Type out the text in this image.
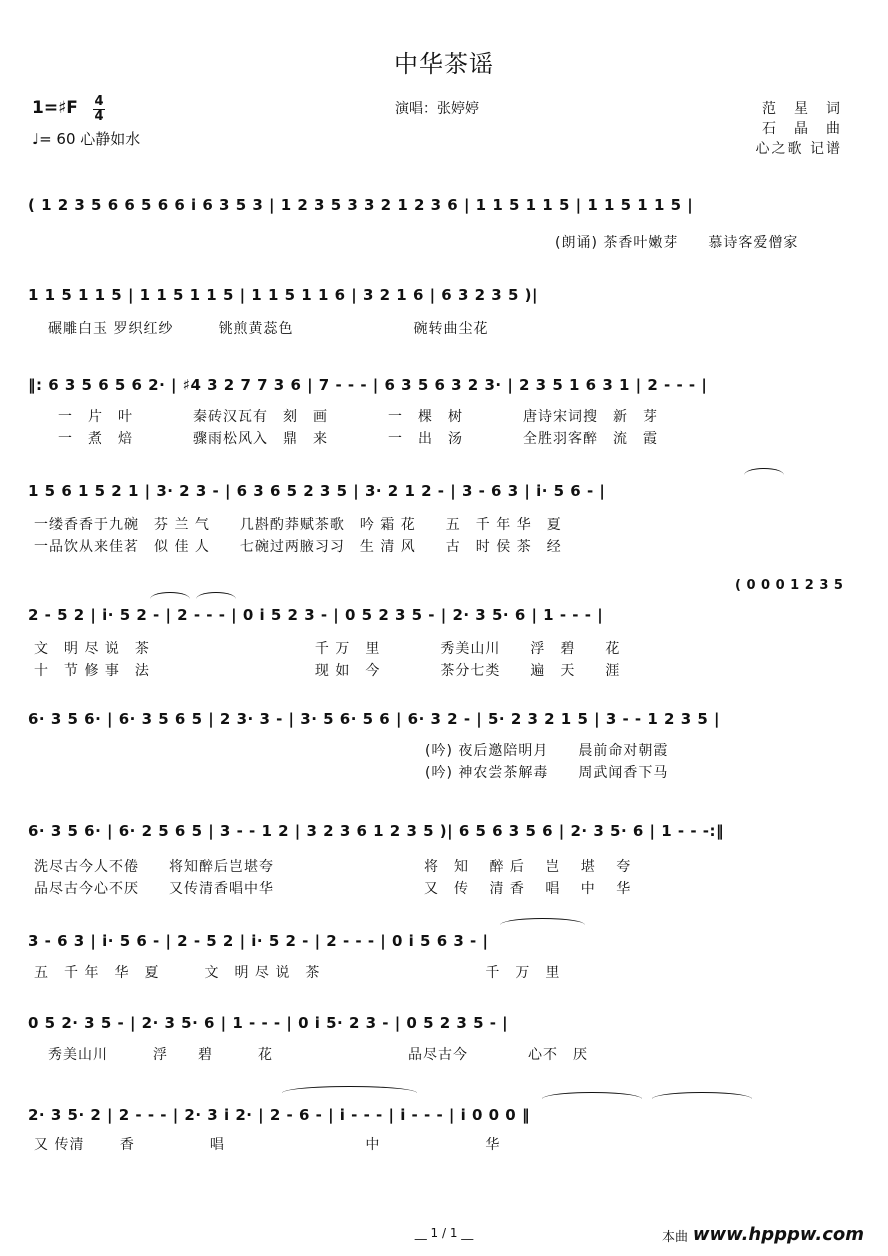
中华茶谣
1=♯F 4
4
♩= 60 心静如水
演唱：张婷婷	范　星　词
石　晶　曲
心之歌 记谱
( 1 2 3 5 6 6 5 6 6 i 6 3 5 3 | 1 2 3 5 3 3 2 1 2 3 6 | 1 1 5 1 1 5 | 1 1 5 1 1 5 |
(朗诵) 茶香叶嫩芽　　慕诗客爱僧家
1 1 5 1 1 5 | 1 1 5 1 1 5 | 1 1 5 1 1 6 | 3 2 1 6 | 6 3 2 3 5 )|
碾雕白玉 罗织红纱　　　铫煎黄蕊色　　　　　　　　碗转曲尘花
‖: 6 3 5 6 5 6 2· | ♯4 3 2 7 7 3 6 | 7 - - - | 6 3 5 6 3 2 3· | 2 3 5 1 6 3 1 | 2 - - - |
一　片　叶　　　　秦砖汉瓦有　刻　画　　　　一　棵　树　　　　唐诗宋词搜　新　芽
一　煮　焙　　　　骤雨松风入　鼎　来　　　　一　出　汤　　　　全胜羽客醉　流　霞
1 5 6 1 5 2 1 | 3· 2 3 - | 6 3 6 5 2 3 5 | 3· 2 1 2 - | 3 - 6 3 | i· 5 6 - |
一缕香香于九碗　芬 兰 气　　几斟酌莽赋茶歌　吟 霜 花　　五　千 年 华　夏
一品饮从来佳茗　似 佳 人　　七碗过两腋习习　生 清 风　　古　时 侯 茶　经
( 0 0 0 1 2 3 5
2 - 5 2 | i· 5 2 - | 2 - - - | 0 i 5 2 3 - | 0 5 2 3 5 - | 2· 3 5· 6 | 1 - - - |
文　明 尽 说　茶　　　　　　　　　　　千 万　里　　　　秀美山川　　浮　碧　　花
十　节 修 事　法　　　　　　　　　　　现 如　今　　　　茶分七类　　遍　天　　涯
6· 3 5 6· | 6· 3 5 6 5 | 2 3· 3 - | 3· 5 6· 5 6 | 6· 3 2 - | 5· 2 3 2 1 5 | 3 - - 1 2 3 5 |
(吟) 夜后邀陪明月　　晨前命对朝霞
(吟) 神农尝茶解毒　　周武闻香下马
6· 3 5 6· | 6· 2 5 6 5 | 3 - - 1 2 | 3 2 3 6 1 2 3 5 )| 6 5 6 3 5 6 | 2· 3 5· 6 | 1 - - -:‖
洗尽古今人不倦　　将知醉后岂堪夸　　　　　　　　　　将　知　 醉 后　 岂　 堪　 夸
品尽古今心不厌　　又传清香唱中华　　　　　　　　　　又　传　 清 香　 唱　 中　 华
3 - 6 3 | i· 5 6 - | 2 - 5 2 | i· 5 2 - | 2 - - - | 0 i 5 6 3 - |
五　千 年　华　夏　　　文　明 尽 说　茶　　　　　　　　　　　千　万　里
0 5 2· 3 5 - | 2· 3 5· 6 | 1 - - - | 0 i 5· 2 3 - | 0 5 2 3 5 - |
秀美山川　　　浮　　碧　　　花　　　　　　　　　品尽古今　　　　心不　厌
2· 3 5· 2 | 2 - - - | 2· 3 i 2· | 2 - 6 - | i - - - | i - - - | i 0 0 0 ‖
又 传清　　 香　　　　　唱　　　　　　　　　 中　　　　　　　华
__ 1 / 1 __	本曲 www.hpppw.com
